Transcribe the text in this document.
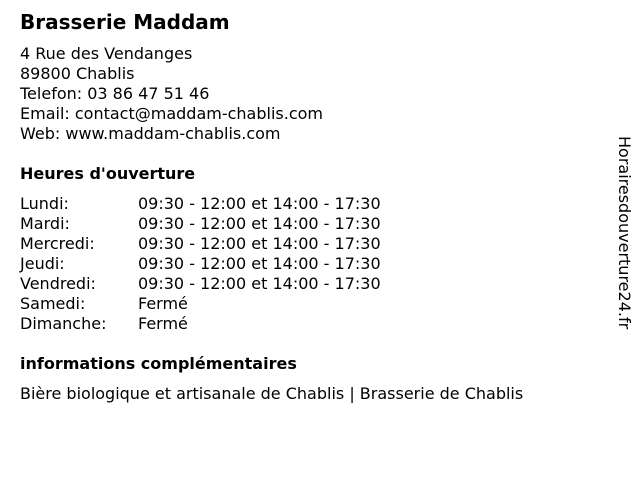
Brasserie Maddam
4 Rue des Vendanges
89800 Chablis
Telefon: 03 86 47 51 46
Email: contact@maddam-chablis.com
Web: www.maddam-chablis.com
Heures d'ouverture
Lundi:	09:30 - 12:00 et 14:00 - 17:30
Mardi:	09:30 - 12:00 et 14:00 - 17:30
Mercredi:	09:30 - 12:00 et 14:00 - 17:30
Jeudi:	09:30 - 12:00 et 14:00 - 17:30
Vendredi:	09:30 - 12:00 et 14:00 - 17:30
Samedi:	Fermé
Dimanche:	Fermé
informations complémentaires
Bière biologique et artisanale de Chablis | Brasserie de Chablis
Horairesdouverture24.fr
